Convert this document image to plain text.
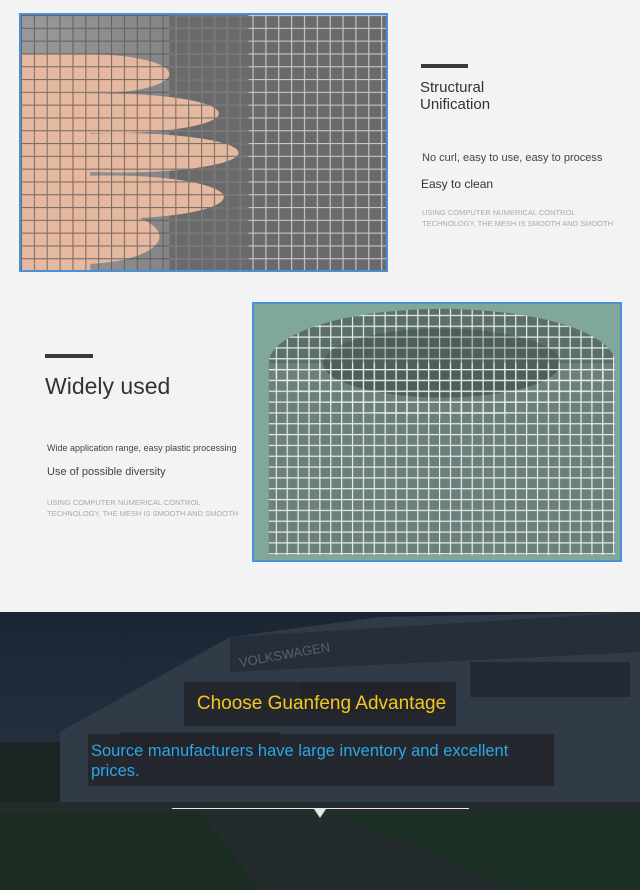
Structural Unification
No curl, easy to use, easy to process
Easy to clean
USING COMPUTER NUMERICAL CONTROL TECHNOLOGY, THE MESH IS SMOOTH AND SMOOTH
Widely used
Wide application range, easy plastic processing
Use of possible diversity
USING COMPUTER NUMERICAL CONTROL TECHNOLOGY, THE MESH IS SMOOTH AND SMOOTH
VOLKSWAGEN
Choose Guanfeng Advantage
Source manufacturers have large inventory and excellent prices.
